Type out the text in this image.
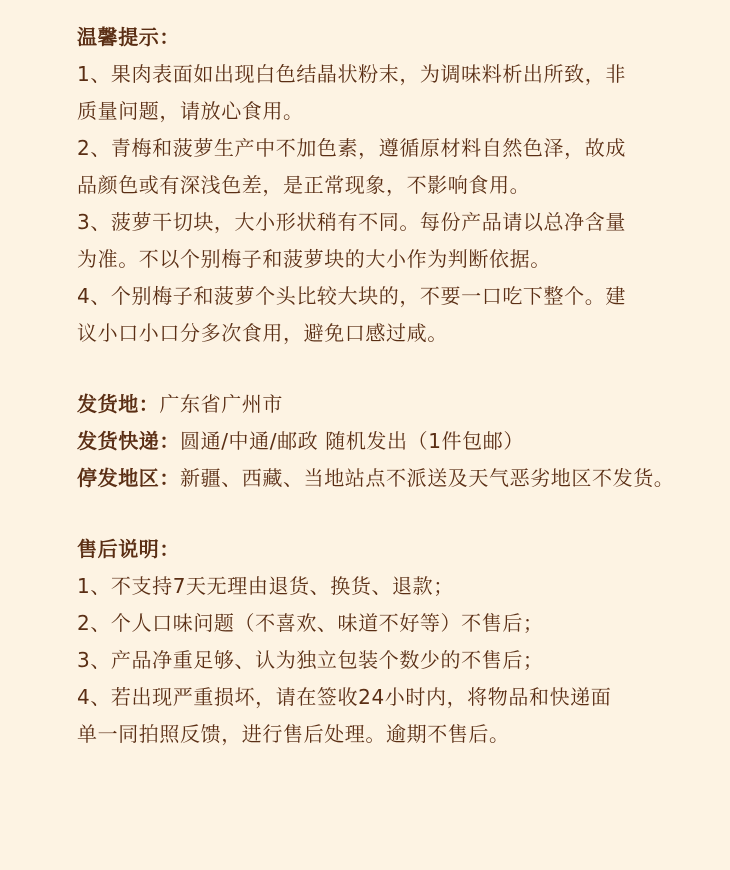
温馨提示：
1、果肉表面如出现白色结晶状粉末，为调味料析出所致，非
质量问题，请放心食用。
2、青梅和菠萝生产中不加色素，遵循原材料自然色泽，故成
品颜色或有深浅色差，是正常现象，不影响食用。
3、菠萝干切块，大小形状稍有不同。每份产品请以总净含量
为准。不以个别梅子和菠萝块的大小作为判断依据。
4、个别梅子和菠萝个头比较大块的，不要一口吃下整个。建
议小口小口分多次食用，避免口感过咸。
发货地：广东省广州市
发货快递：圆通/中通/邮政 随机发出（1件包邮）
停发地区：新疆、西藏、当地站点不派送及天气恶劣地区不发货。
售后说明：
1、不支持7天无理由退货、换货、退款；
2、个人口味问题（不喜欢、味道不好等）不售后；
3、产品净重足够、认为独立包装个数少的不售后；
4、若出现严重损坏，请在签收24小时内，将物品和快递面
单一同拍照反馈，进行售后处理。逾期不售后。
